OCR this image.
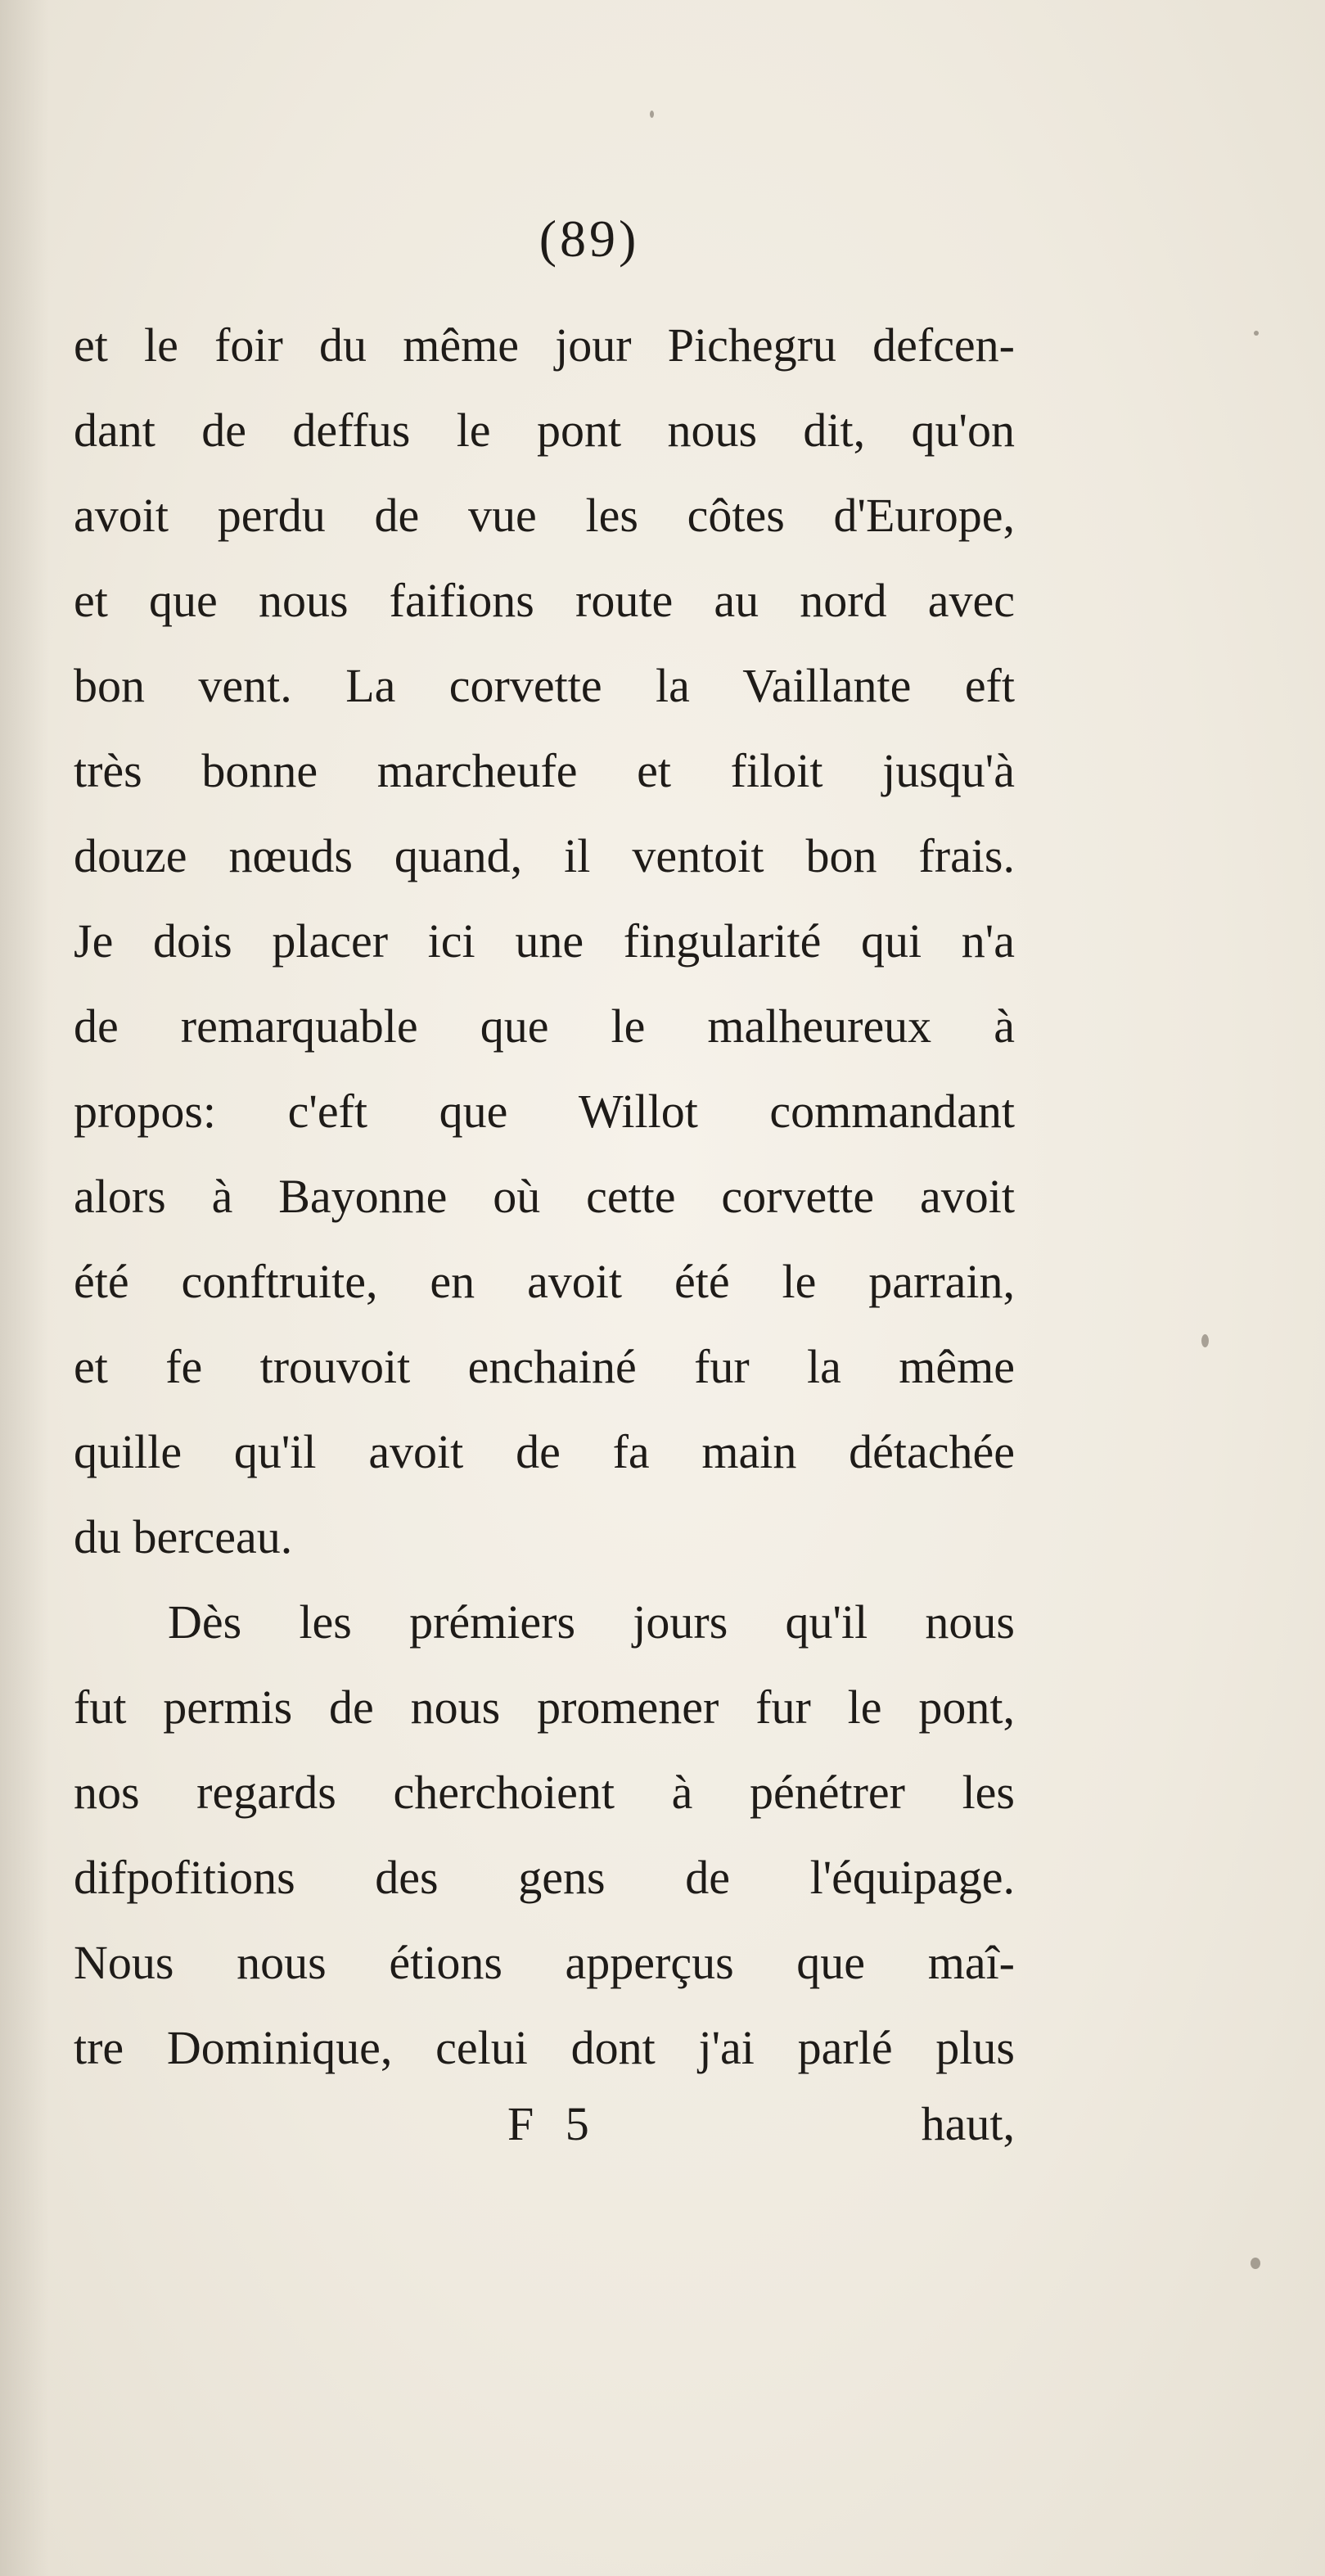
(89)
et le foir du même jour Pichegru defcen-
dant de deffus le pont nous dit, qu'on
avoit perdu de vue les côtes d'Europe,
et que nous faifions route au nord avec
bon vent. La corvette la Vaillante eft
très bonne marcheufe et filoit jusqu'à
douze nœuds quand, il ventoit bon frais.
Je dois placer ici une fingularité qui n'a
de remarquable que le malheureux à
propos: c'eft que Willot commandant
alors à Bayonne où cette corvette avoit
été conftruite, en avoit été le parrain,
et fe trouvoit enchainé fur la même
quille qu'il avoit de fa main détachée
du berceau.
Dès les prémiers jours qu'il nous
fut permis de nous promener fur le pont,
nos regards cherchoient à pénétrer les
difpofitions des gens de l'équipage.
Nous nous étions apperçus que maî-
tre Dominique, celui dont j'ai parlé plus
F 5	haut,
